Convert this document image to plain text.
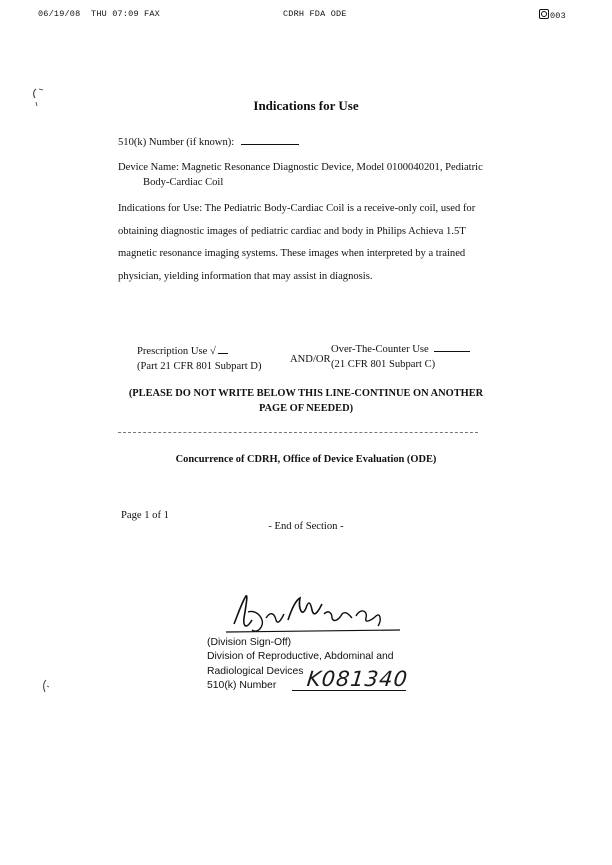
06/19/08 THU 07:09 FAX	CDRH FDA ODE	003
Indications for Use
510(k) Number (if known):
Device Name: Magnetic Resonance Diagnostic Device, Model 0100040201, Pediatric
Body-Cardiac Coil
Indications for Use: The Pediatric Body-Cardiac Coil is a receive-only coil, used for
obtaining diagnostic images of pediatric cardiac and body in Philips Achieva 1.5T
magnetic resonance imaging systems. These images when interpreted by a trained
physician, yielding information that may assist in diagnosis.
Prescription Use √
(Part 21 CFR 801 Subpart D)
AND/OR
Over-The-Counter Use
(21 CFR 801 Subpart C)
(PLEASE DO NOT WRITE BELOW THIS LINE-CONTINUE ON ANOTHER
PAGE OF NEEDED)
Concurrence of CDRH, Office of Device Evaluation (ODE)
Page 1 of 1
- End of Section -
(Division Sign-Off)
Division of Reproductive, Abdominal and
Radiological Devices
510(k) Number	K081340
